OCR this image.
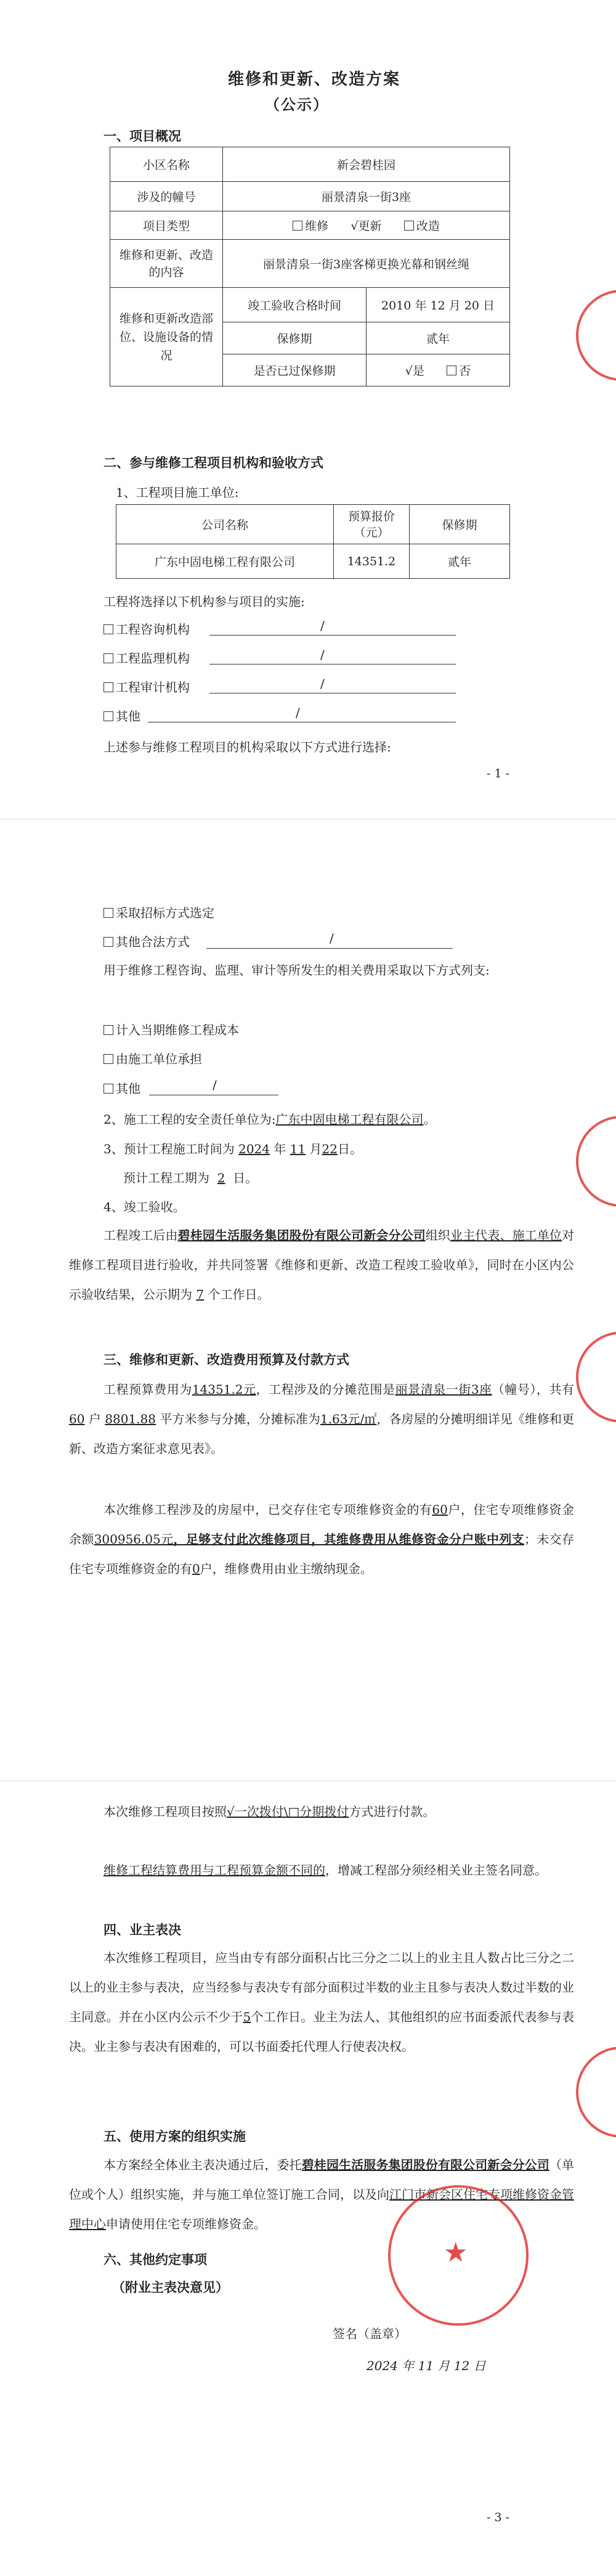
维修和更新、改造方案
（公示）
一、项目概况
小区名称	新会碧桂园	
涉及的幢号	丽景清泉一街3座	
项目类型	维修 √更新 改造	
维修和更新、改造的内容	丽景清泉一街3座客梯更换光幕和钢丝绳	
维修和更新改造部位、设施设备的情况	竣工验收合格时间	2010 年 12 月 20 日
	保修期	贰年
	是否已过保修期	√是 否
二、参与维修工程项目机构和验收方式
1、工程项目施工单位:
公司名称	预算报价（元）	保修期
广东中固电梯工程有限公司	14351.2	贰年
工程将选择以下机构参与项目的实施:
工程咨询机构	/
工程监理机构	/
工程审计机构	/
其他	/
上述参与维修工程项目的机构采取以下方式进行选择:
- 1 -
采取招标方式选定
其他合法方式	/
用于维修工程咨询、监理、审计等所发生的相关费用采取以下方式列支:
计入当期维修工程成本
由施工单位承担
其他	/
2、施工工程的安全责任单位为:广东中固电梯工程有限公司。
3、预计工程施工时间为 2024 年 11 月22日。
预计工程工期为 2 日。
4、竣工验收。
工程竣工后由碧桂园生活服务集团股份有限公司新会分公司组织业主代表、施工单位对维修工程项目进行验收，并共同签署《维修和更新、改造工程竣工验收单》，同时在小区内公示验收结果，公示期为 7 个工作日。
三、维修和更新、改造费用预算及付款方式
工程预算费用为14351.2元，工程涉及的分摊范围是丽景清泉一街3座（幢号），共有 60 户 8801.88 平方米参与分摊，分摊标准为1.63元/㎡，各房屋的分摊明细详见《维修和更新、改造方案征求意见表》。
本次维修工程涉及的房屋中，已交存住宅专项维修资金的有60户，住宅专项维修资金余额300956.05元，足够支付此次维修项目，其维修费用从维修资金分户账中列支；未交存住宅专项维修资金的有0户，维修费用由业主缴纳现金。
本次维修工程项目按照√一次拨付\□分期拨付方式进行付款。
维修工程结算费用与工程预算金额不同的，增减工程部分须经相关业主签名同意。
四、业主表决
本次维修工程项目，应当由专有部分面积占比三分之二以上的业主且人数占比三分之二以上的业主参与表决，应当经参与表决专有部分面积过半数的业主且参与表决人数过半数的业主同意。并在小区内公示不少于5个工作日。业主为法人、其他组织的应书面委派代表参与表决。业主参与表决有困难的，可以书面委托代理人行使表决权。
五、使用方案的组织实施
本方案经全体业主表决通过后，委托碧桂园生活服务集团股份有限公司新会分公司（单位或个人）组织实施，并与施工单位签订施工合同，以及向江门市新会区住宅专项维修资金管理中心申请使用住宅专项维修资金。
六、其他约定事项
（附业主表决意见）
★
签名（盖章）
2024 年 11 月 12 日
- 3 -
